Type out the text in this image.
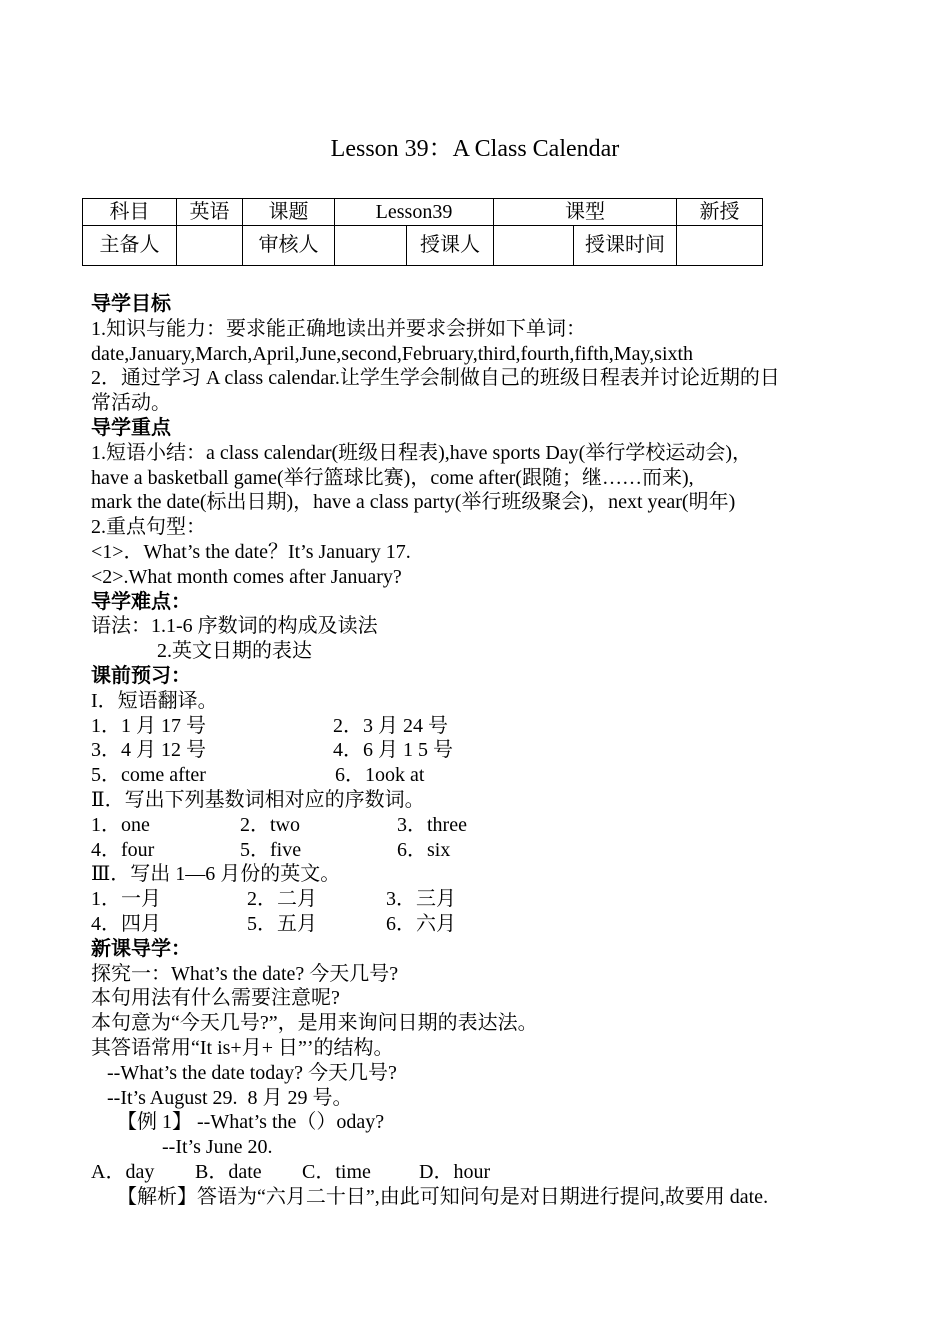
Lesson 39：A Class Calendar
科目	英语	课题	Lesson39		课型		新授
主备人		审核人		授课人		授课时间	
导学目标
1.知识与能力：要求能正确地读出并要求会拼如下单词：
date,January,March,April,June,second,February,third,fourth,fifth,May,sixth
2．通过学习 A class calendar.让学生学会制做自己的班级日程表并讨论近期的日
常活动。
导学重点
1.短语小结：a class calendar(班级日程表),have sports Day(举行学校运动会)，
have a basketball game(举行篮球比赛)，come after(跟随；继……而来),
mark the date(标出日期)，have a class party(举行班级聚会)，next year(明年)
2.重点句型：
<1>．What’s the date？It’s January 17.
<2>.What month comes after January?
导学难点：
语法：1.1-6 序数词的构成及读法
2.英文日期的表达
课前预习：
I．短语翻译。
1．1 月 17 号	2．3 月 24 号
3．4 月 12 号	4．6 月 1 5 号
5．come after	6．1ook at
Ⅱ．写出下列基数词相对应的序数词。
1．one	2．two	3．three
4．four	5．five	6．six
Ⅲ．写出 1—6 月份的英文。
1．一月	2．二月	3．三月
4．四月	5．五月	6．六月
新课导学：
探究一：What’s the date? 今天几号?
本句用法有什么需要注意呢?
本句意为“今天几号?”，是用来询问日期的表达法。
其答语常用“It is+月+ 日”’的结构。
--What’s the date today? 今天几号?
--It’s August 29.  8 月 29 号。
【例 1】 --What’s the（）oday?
--It’s June 20.
A．day	B．date	C．time	D．hour
【解析】答语为“六月二十日”,由此可知问句是对日期进行提问,故要用 date.
